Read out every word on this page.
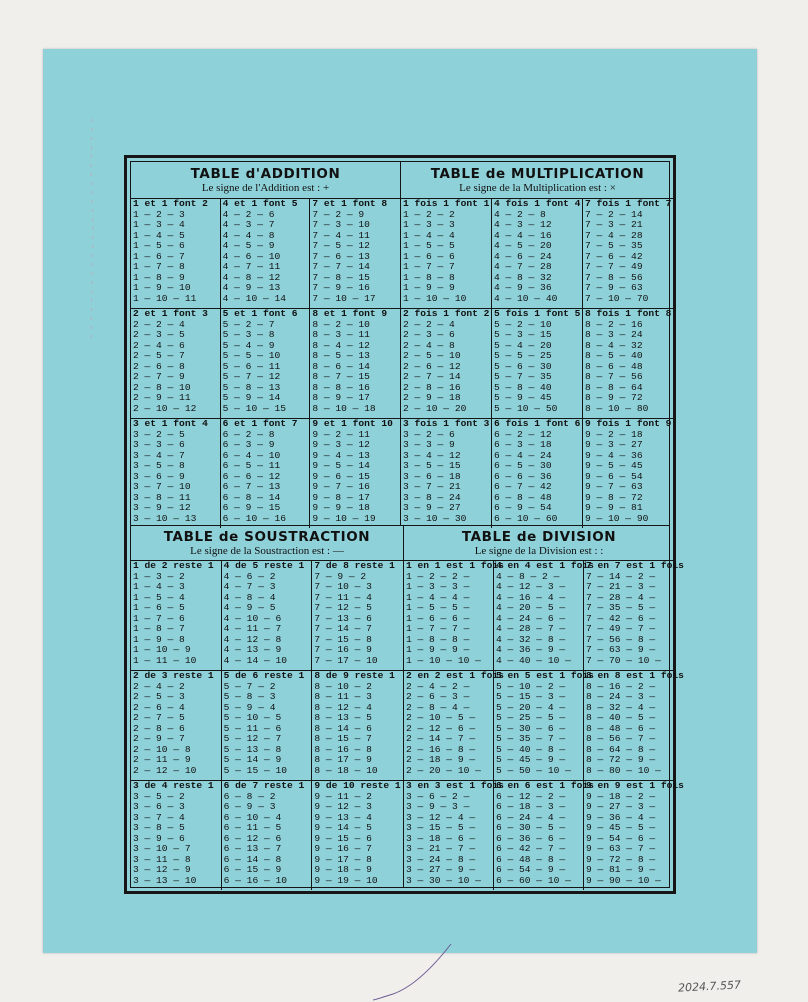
TABLE d'ADDITION
Le signe de l'Addition est : +
1 et 1 font 2
1 — 2 — 3
1 — 3 — 4
1 — 4 — 5
1 — 5 — 6
1 — 6 — 7
1 — 7 — 8
1 — 8 — 9
1 — 9 — 10
1 — 10 — 11
4 et 1 font 5
4 — 2 — 6
4 — 3 — 7
4 — 4 — 8
4 — 5 — 9
4 — 6 — 10
4 — 7 — 11
4 — 8 — 12
4 — 9 — 13
4 — 10 — 14
7 et 1 font 8
7 — 2 — 9
7 — 3 — 10
7 — 4 — 11
7 — 5 — 12
7 — 6 — 13
7 — 7 — 14
7 — 8 — 15
7 — 9 — 16
7 — 10 — 17
2 et 1 font 3
2 — 2 — 4
2 — 3 — 5
2 — 4 — 6
2 — 5 — 7
2 — 6 — 8
2 — 7 — 9
2 — 8 — 10
2 — 9 — 11
2 — 10 — 12
5 et 1 font 6
5 — 2 — 7
5 — 3 — 8
5 — 4 — 9
5 — 5 — 10
5 — 6 — 11
5 — 7 — 12
5 — 8 — 13
5 — 9 — 14
5 — 10 — 15
8 et 1 font 9
8 — 2 — 10
8 — 3 — 11
8 — 4 — 12
8 — 5 — 13
8 — 6 — 14
8 — 7 — 15
8 — 8 — 16
8 — 9 — 17
8 — 10 — 18
3 et 1 font 4
3 — 2 — 5
3 — 3 — 6
3 — 4 — 7
3 — 5 — 8
3 — 6 — 9
3 — 7 — 10
3 — 8 — 11
3 — 9 — 12
3 — 10 — 13
6 et 1 font 7
6 — 2 — 8
6 — 3 — 9
6 — 4 — 10
6 — 5 — 11
6 — 6 — 12
6 — 7 — 13
6 — 8 — 14
6 — 9 — 15
6 — 10 — 16
9 et 1 font 10
9 — 2 — 11
9 — 3 — 12
9 — 4 — 13
9 — 5 — 14
9 — 6 — 15
9 — 7 — 16
9 — 8 — 17
9 — 9 — 18
9 — 10 — 19
TABLE de MULTIPLICATION
Le signe de la Multiplication est : ×
1 fois 1 font 1
1 — 2 — 2
1 — 3 — 3
1 — 4 — 4
1 — 5 — 5
1 — 6 — 6
1 — 7 — 7
1 — 8 — 8
1 — 9 — 9
1 — 10 — 10
4 fois 1 font 4
4 — 2 — 8
4 — 3 — 12
4 — 4 — 16
4 — 5 — 20
4 — 6 — 24
4 — 7 — 28
4 — 8 — 32
4 — 9 — 36
4 — 10 — 40
7 fois 1 font 7
7 — 2 — 14
7 — 3 — 21
7 — 4 — 28
7 — 5 — 35
7 — 6 — 42
7 — 7 — 49
7 — 8 — 56
7 — 9 — 63
7 — 10 — 70
2 fois 1 font 2
2 — 2 — 4
2 — 3 — 6
2 — 4 — 8
2 — 5 — 10
2 — 6 — 12
2 — 7 — 14
2 — 8 — 16
2 — 9 — 18
2 — 10 — 20
5 fois 1 font 5
5 — 2 — 10
5 — 3 — 15
5 — 4 — 20
5 — 5 — 25
5 — 6 — 30
5 — 7 — 35
5 — 8 — 40
5 — 9 — 45
5 — 10 — 50
8 fois 1 font 8
8 — 2 — 16
8 — 3 — 24
8 — 4 — 32
8 — 5 — 40
8 — 6 — 48
8 — 7 — 56
8 — 8 — 64
8 — 9 — 72
8 — 10 — 80
3 fois 1 font 3
3 — 2 — 6
3 — 3 — 9
3 — 4 — 12
3 — 5 — 15
3 — 6 — 18
3 — 7 — 21
3 — 8 — 24
3 — 9 — 27
3 — 10 — 30
6 fois 1 font 6
6 — 2 — 12
6 — 3 — 18
6 — 4 — 24
6 — 5 — 30
6 — 6 — 36
6 — 7 — 42
6 — 8 — 48
6 — 9 — 54
6 — 10 — 60
9 fois 1 font 9
9 — 2 — 18
9 — 3 — 27
9 — 4 — 36
9 — 5 — 45
9 — 6 — 54
9 — 7 — 63
9 — 8 — 72
9 — 9 — 81
9 — 10 — 90
TABLE de SOUSTRACTION
Le signe de la Soustraction est : —
1 de 2 reste 1
1 — 3 — 2
1 — 4 — 3
1 — 5 — 4
1 — 6 — 5
1 — 7 — 6
1 — 8 — 7
1 — 9 — 8
1 — 10 — 9
1 — 11 — 10
4 de 5 reste 1
4 — 6 — 2
4 — 7 — 3
4 — 8 — 4
4 — 9 — 5
4 — 10 — 6
4 — 11 — 7
4 — 12 — 8
4 — 13 — 9
4 — 14 — 10
7 de 8 reste 1
7 — 9 — 2
7 — 10 — 3
7 — 11 — 4
7 — 12 — 5
7 — 13 — 6
7 — 14 — 7
7 — 15 — 8
7 — 16 — 9
7 — 17 — 10
2 de 3 reste 1
2 — 4 — 2
2 — 5 — 3
2 — 6 — 4
2 — 7 — 5
2 — 8 — 6
2 — 9 — 7
2 — 10 — 8
2 — 11 — 9
2 — 12 — 10
5 de 6 reste 1
5 — 7 — 2
5 — 8 — 3
5 — 9 — 4
5 — 10 — 5
5 — 11 — 6
5 — 12 — 7
5 — 13 — 8
5 — 14 — 9
5 — 15 — 10
8 de 9 reste 1
8 — 10 — 2
8 — 11 — 3
8 — 12 — 4
8 — 13 — 5
8 — 14 — 6
8 — 15 — 7
8 — 16 — 8
8 — 17 — 9
8 — 18 — 10
3 de 4 reste 1
3 — 5 — 2
3 — 6 — 3
3 — 7 — 4
3 — 8 — 5
3 — 9 — 6
3 — 10 — 7
3 — 11 — 8
3 — 12 — 9
3 — 13 — 10
6 de 7 reste 1
6 — 8 — 2
6 — 9 — 3
6 — 10 — 4
6 — 11 — 5
6 — 12 — 6
6 — 13 — 7
6 — 14 — 8
6 — 15 — 9
6 — 16 — 10
9 de 10 reste 1
9 — 11 — 2
9 — 12 — 3
9 — 13 — 4
9 — 14 — 5
9 — 15 — 6
9 — 16 — 7
9 — 17 — 8
9 — 18 — 9
9 — 19 — 10
TABLE de DIVISION
Le signe de la Division est : :
1 en 1 est 1 fois
1 — 2 — 2 —
1 — 3 — 3 —
1 — 4 — 4 —
1 — 5 — 5 —
1 — 6 — 6 —
1 — 7 — 7 —
1 — 8 — 8 —
1 — 9 — 9 —
1 — 10 — 10 —
4 en 4 est 1 fois
4 — 8 — 2 —
4 — 12 — 3 —
4 — 16 — 4 —
4 — 20 — 5 —
4 — 24 — 6 —
4 — 28 — 7 —
4 — 32 — 8 —
4 — 36 — 9 —
4 — 40 — 10 —
7 en 7 est 1 fois
7 — 14 — 2 —
7 — 21 — 3 —
7 — 28 — 4 —
7 — 35 — 5 —
7 — 42 — 6 —
7 — 49 — 7 —
7 — 56 — 8 —
7 — 63 — 9 —
7 — 70 — 10 —
2 en 2 est 1 fois
2 — 4 — 2 —
2 — 6 — 3 —
2 — 8 — 4 —
2 — 10 — 5 —
2 — 12 — 6 —
2 — 14 — 7 —
2 — 16 — 8 —
2 — 18 — 9 —
2 — 20 — 10 —
5 en 5 est 1 fois
5 — 10 — 2 —
5 — 15 — 3 —
5 — 20 — 4 —
5 — 25 — 5 —
5 — 30 — 6 —
5 — 35 — 7 —
5 — 40 — 8 —
5 — 45 — 9 —
5 — 50 — 10 —
8 en 8 est 1 fois
8 — 16 — 2 —
8 — 24 — 3 —
8 — 32 — 4 —
8 — 40 — 5 —
8 — 48 — 6 —
8 — 56 — 7 —
8 — 64 — 8 —
8 — 72 — 9 —
8 — 80 — 10 —
3 en 3 est 1 fois
3 — 6 — 2 —
3 — 9 — 3 —
3 — 12 — 4 —
3 — 15 — 5 —
3 — 18 — 6 —
3 — 21 — 7 —
3 — 24 — 8 —
3 — 27 — 9 —
3 — 30 — 10 —
6 en 6 est 1 fois
6 — 12 — 2 —
6 — 18 — 3 —
6 — 24 — 4 —
6 — 30 — 5 —
6 — 36 — 6 —
6 — 42 — 7 —
6 — 48 — 8 —
6 — 54 — 9 —
6 — 60 — 10 —
9 en 9 est 1 fois
9 — 18 — 2 —
9 — 27 — 3 —
9 — 36 — 4 —
9 — 45 — 5 —
9 — 54 — 6 —
9 — 63 — 7 —
9 — 72 — 8 —
9 — 81 — 9 —
9 — 90 — 10 —
2024.7.557
